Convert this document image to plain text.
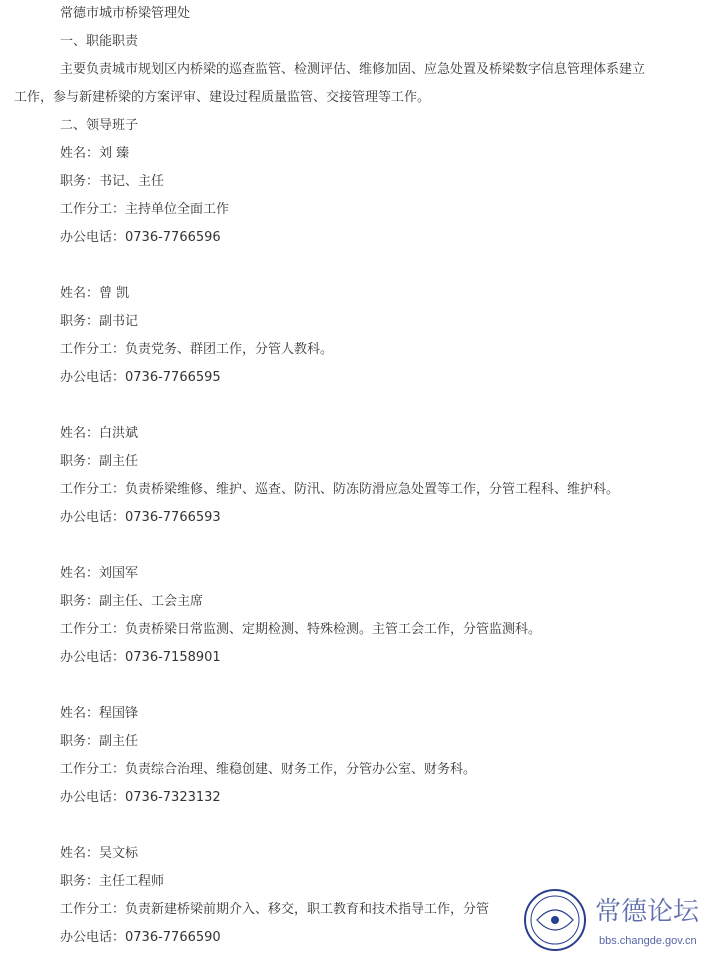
常德市城市桥梁管理处
一、职能职责
主要负责城市规划区内桥梁的巡查监管、检测评估、维修加固、应急处置及桥梁数字信息管理体系建立
工作，参与新建桥梁的方案评审、建设过程质量监管、交接管理等工作。
二、领导班子
姓名：刘 臻
职务：书记、主任
工作分工：主持单位全面工作
办公电话：0736-7766596
姓名：曾 凯
职务：副书记
工作分工：负责党务、群团工作，分管人教科。
办公电话：0736-7766595
姓名：白洪斌
职务：副主任
工作分工：负责桥梁维修、维护、巡查、防汛、防冻防滑应急处置等工作，分管工程科、维护科。
办公电话：0736-7766593
姓名：刘国军
职务：副主任、工会主席
工作分工：负责桥梁日常监测、定期检测、特殊检测。主管工会工作，分管监测科。
办公电话：0736-7158901
姓名：程国锋
职务：副主任
工作分工：负责综合治理、维稳创建、财务工作，分管办公室、财务科。
办公电话：0736-7323132
姓名：吴文标
职务：主任工程师
工作分工：负责新建桥梁前期介入、移交，职工教育和技术指导工作，分管
办公电话：0736-7766590
常德论坛
bbs.changde.gov.cn
